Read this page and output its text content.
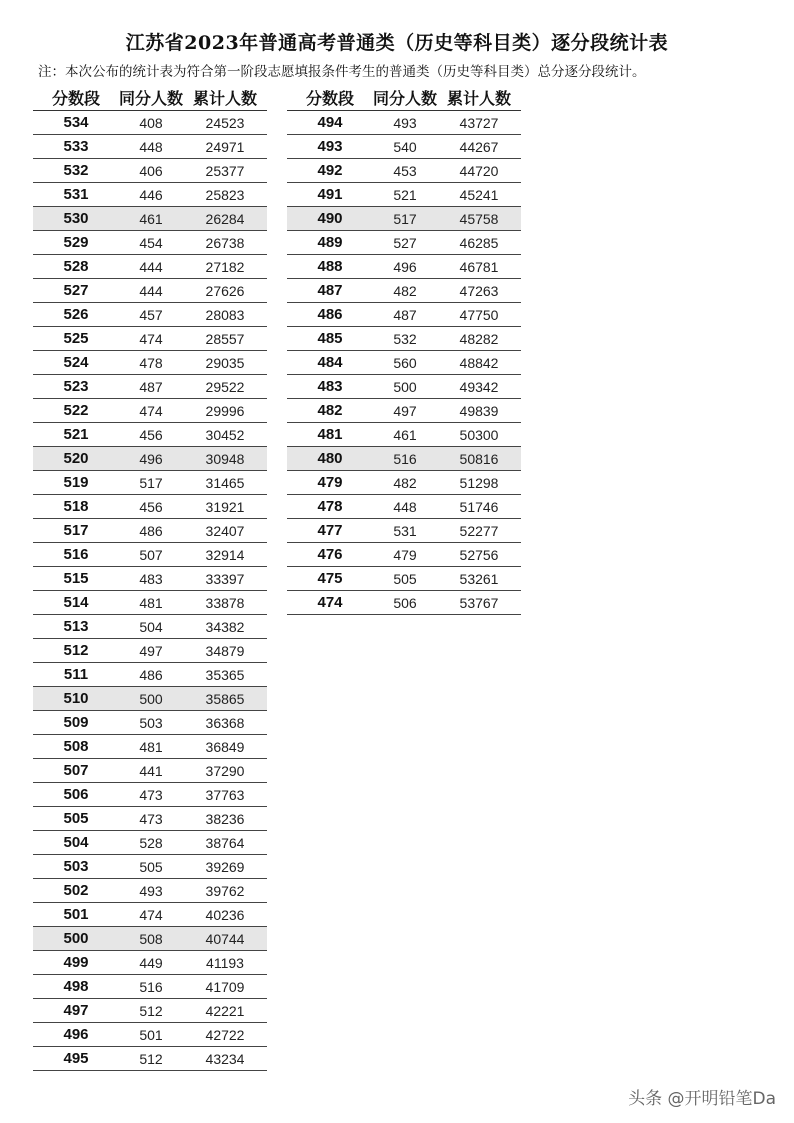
江苏省2023年普通高考普通类（历史等科目类）逐分段统计表
注：本次公布的统计表为符合第一阶段志愿填报条件考生的普通类（历史等科目类）总分逐分段统计。
分数段	同分人数	累计人数
534	408	24523
533	448	24971
532	406	25377
531	446	25823
530	461	26284
529	454	26738
528	444	27182
527	444	27626
526	457	28083
525	474	28557
524	478	29035
523	487	29522
522	474	29996
521	456	30452
520	496	30948
519	517	31465
518	456	31921
517	486	32407
516	507	32914
515	483	33397
514	481	33878
513	504	34382
512	497	34879
511	486	35365
510	500	35865
509	503	36368
508	481	36849
507	441	37290
506	473	37763
505	473	38236
504	528	38764
503	505	39269
502	493	39762
501	474	40236
500	508	40744
499	449	41193
498	516	41709
497	512	42221
496	501	42722
495	512	43234
分数段	同分人数	累计人数
494	493	43727
493	540	44267
492	453	44720
491	521	45241
490	517	45758
489	527	46285
488	496	46781
487	482	47263
486	487	47750
485	532	48282
484	560	48842
483	500	49342
482	497	49839
481	461	50300
480	516	50816
479	482	51298
478	448	51746
477	531	52277
476	479	52756
475	505	53261
474	506	53767
头条 @开明铅笔Da
